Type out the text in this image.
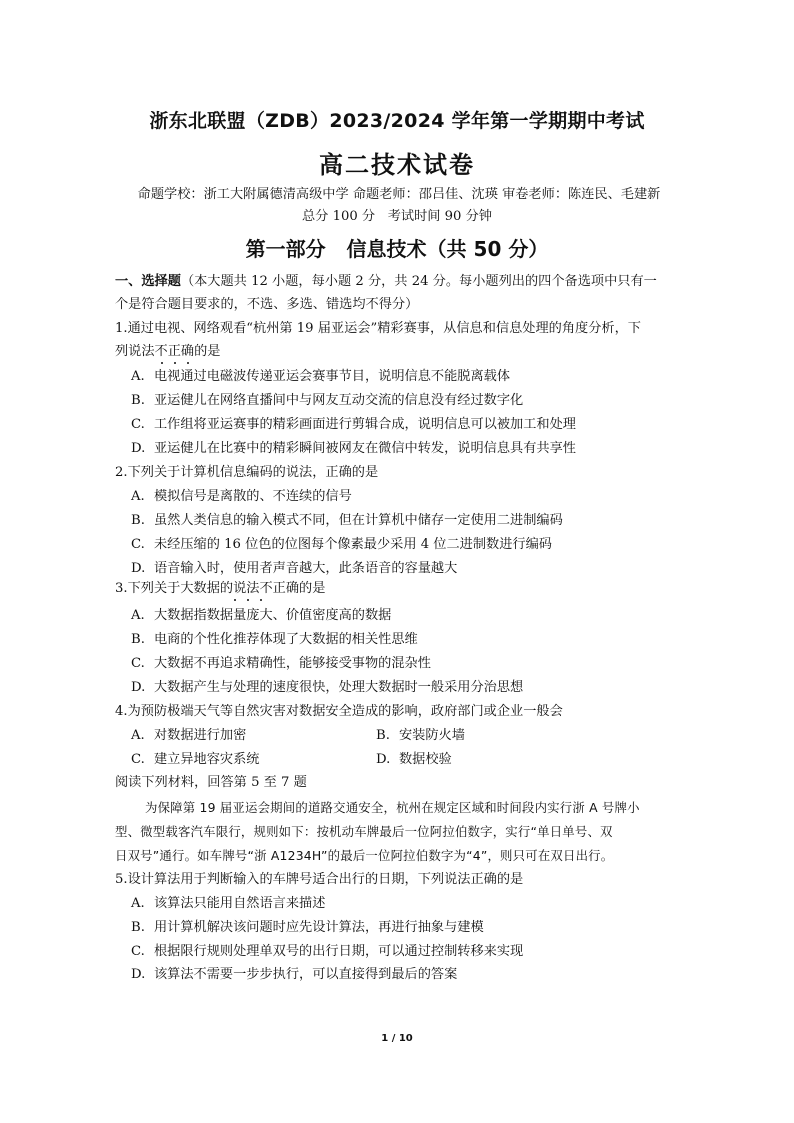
浙东北联盟（ZDB）2023/2024 学年第一学期期中考试
高二技术试卷
命题学校：浙工大附属德清高级中学 命题老师：邵吕佳、沈瑛 审卷老师：陈连民、毛建新
总分 100 分   考试时间 90 分钟
第一部分   信息技术（共 50 分）
一、选择题（本大题共 12 小题，每小题 2 分，共 24 分。每小题列出的四个备选项中只有一
个是符合题目要求的，不选、多选、错选均不得分）
1.通过电视、网络观看“杭州第 19 届亚运会”精彩赛事，从信息和信息处理的角度分析，下
列说法不正确的是
A. 电视通过电磁波传递亚运会赛事节目，说明信息不能脱离载体
B. 亚运健儿在网络直播间中与网友互动交流的信息没有经过数字化
C. 工作组将亚运赛事的精彩画面进行剪辑合成，说明信息可以被加工和处理
D. 亚运健儿在比赛中的精彩瞬间被网友在微信中转发，说明信息具有共享性
2.下列关于计算机信息编码的说法，正确的是
A. 模拟信号是离散的、不连续的信号
B. 虽然人类信息的输入模式不同，但在计算机中储存一定使用二进制编码
C. 未经压缩的 16 位色的位图每个像素最少采用 4 位二进制数进行编码
D. 语音输入时，使用者声音越大，此条语音的容量越大
3.下列关于大数据的说法不正确的是
A. 大数据指数据量庞大、价值密度高的数据
B. 电商的个性化推荐体现了大数据的相关性思维
C. 大数据不再追求精确性，能够接受事物的混杂性
D. 大数据产生与处理的速度很快，处理大数据时一般采用分治思想
4.为预防极端天气等自然灾害对数据安全造成的影响，政府部门或企业一般会
A. 对数据进行加密	B. 安装防火墙
C. 建立异地容灾系统	D. 数据校验
阅读下列材料，回答第 5 至 7 题
为保障第 19 届亚运会期间的道路交通安全，杭州在规定区域和时间段内实行浙 A 号牌小
型、微型载客汽车限行，规则如下：按机动车牌最后一位阿拉伯数字，实行“单日单号、双
日双号”通行。如车牌号“浙 A1234H”的最后一位阿拉伯数字为“4”，则只可在双日出行。
5.设计算法用于判断输入的车牌号适合出行的日期，下列说法正确的是
A. 该算法只能用自然语言来描述
B. 用计算机解决该问题时应先设计算法，再进行抽象与建模
C. 根据限行规则处理单双号的出行日期，可以通过控制转移来实现
D. 该算法不需要一步步执行，可以直接得到最后的答案
1 / 10
